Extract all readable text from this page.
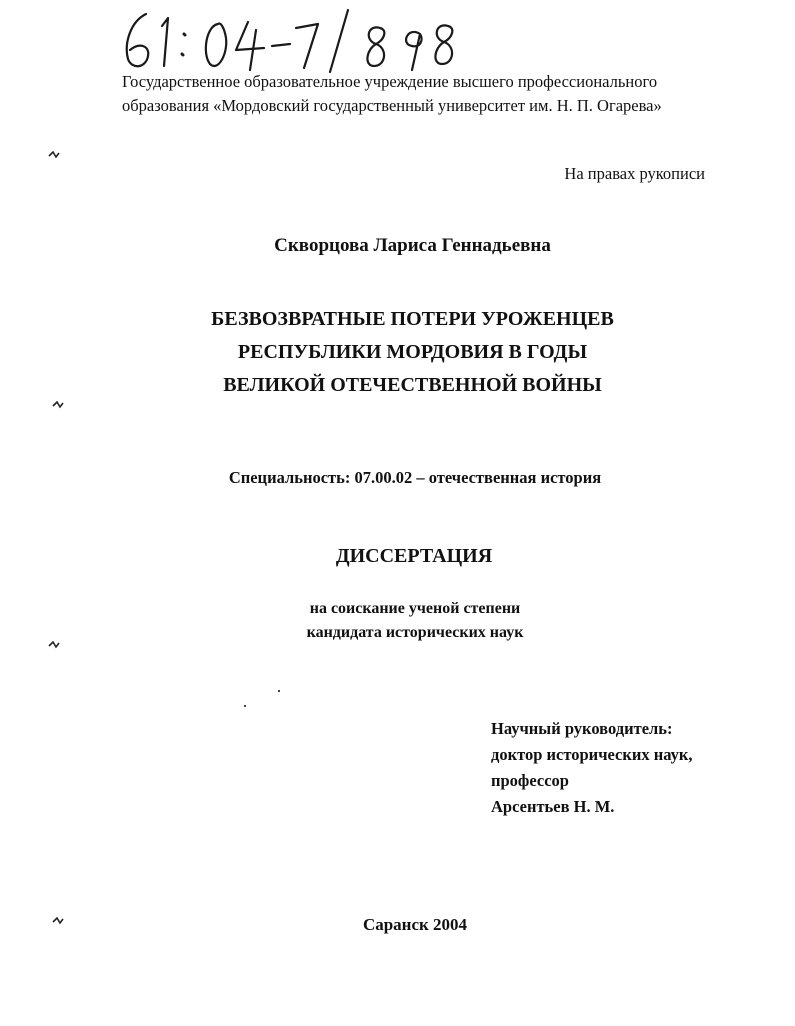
Государственное образовательное учреждение высшего профессионального
образования «Мордовский государственный университет им. Н. П. Огарева»
На правах рукописи
Скворцова Лариса Геннадьевна
БЕЗВОЗВРАТНЫЕ ПОТЕРИ УРОЖЕНЦЕВ
РЕСПУБЛИКИ МОРДОВИЯ В ГОДЫ
ВЕЛИКОЙ ОТЕЧЕСТВЕННОЙ ВОЙНЫ
Специальность: 07.00.02 – отечественная история
ДИССЕРТАЦИЯ
на соискание ученой степени
кандидата исторических наук
Научный руководитель:
доктор исторических наук,
профессор
Арсентьев Н. М.
Саранск 2004
